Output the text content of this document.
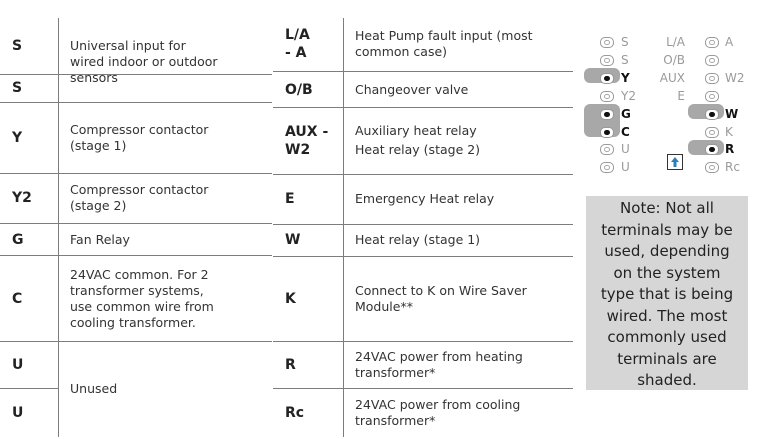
S	Universal input for
wired indoor or outdoor
sensors

S	
Y	Compressor contactor
(stage 1)

Y2	Compressor contactor
(stage 2)

G	Fan Relay

C	24VAC common. For 2
transformer systems,
use common wire from
cooling transformer.

U	Unused

U	
L/A
- A	Heat Pump fault input (most
common case)

O/B	Changeover valve

AUX -
W2	Auxiliary heat relay
Heat relay (stage 2)

E	Emergency Heat relay

W	Heat relay (stage 1)

K	Connect to K on Wire Saver
Module**

R	24VAC power from heating
transformer*

Rc	24VAC power from cooling
transformer*
S
S
Y
Y2
G
C
U
U
L/A
O/B
AUX
E
A
W2
W
K
R
Rc
Note: Not all
terminals may be
used, depending
on the system
type that is being
wired. The most
commonly used
terminals are
shaded.
